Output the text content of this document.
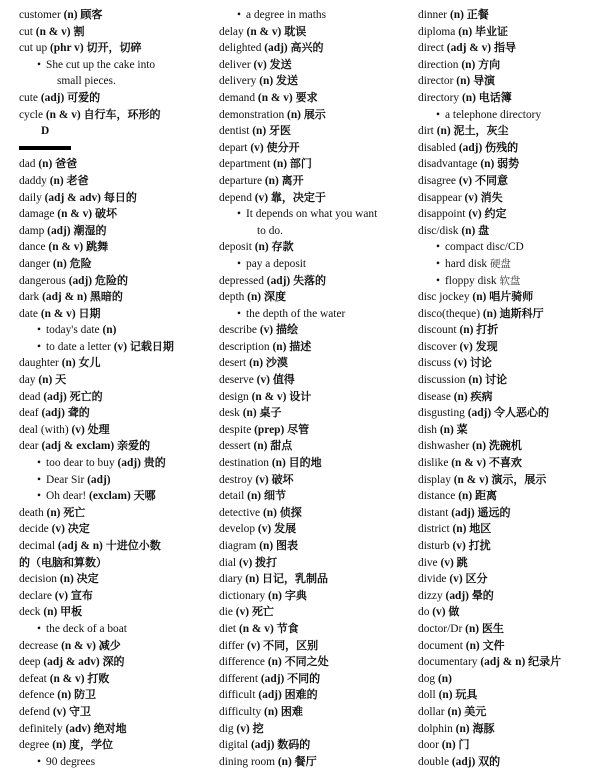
customer (n) 顾客
cut (n & v) 割
cut up (phr v) 切开，切碎
• She cut up the cake into
small pieces.
cute (adj) 可爱的
cycle (n & v) 自行车，环形的
D
dad (n) 爸爸
daddy (n) 老爸
daily (adj & adv) 每日的
damage (n & v) 破坏
damp (adj) 潮湿的
dance (n & v) 跳舞
danger (n) 危险
dangerous (adj) 危险的
dark (adj & n) 黑暗的
date (n & v) 日期
• today's date (n)
• to date a letter (v) 记载日期
daughter (n) 女儿
day (n) 天
dead (adj) 死亡的
deaf (adj) 聋的
deal (with) (v) 处理
dear (adj & exclam) 亲爱的
• too dear to buy (adj) 贵的
• Dear Sir (adj)
• Oh dear! (exclam) 天哪
death (n) 死亡
decide (v) 决定
decimal (adj & n) 十进位小数
的（电脑和算数）
decision (n) 决定
declare (v) 宣布
deck (n) 甲板
• the deck of a boat
decrease (n & v) 减少
deep (adj & adv) 深的
defeat (n & v) 打败
defence (n) 防卫
defend (v) 守卫
definitely (adv) 绝对地
degree (n) 度，学位
• 90 degrees
• a degree in maths
delay (n & v) 耽误
delighted (adj) 高兴的
deliver (v) 发送
delivery (n) 发送
demand (n & v) 要求
demonstration (n) 展示
dentist (n) 牙医
depart (v) 使分开
department (n) 部门
departure (n) 离开
depend (v) 靠，决定于
• It depends on what you want
to do.
deposit (n) 存款
• pay a deposit
depressed (adj) 失落的
depth (n) 深度
• the depth of the water
describe (v) 描绘
description (n) 描述
desert (n) 沙漠
deserve (v) 值得
design (n & v) 设计
desk (n) 桌子
despite (prep) 尽管
dessert (n) 甜点
destination (n) 目的地
destroy (v) 破坏
detail (n) 细节
detective (n) 侦探
develop (v) 发展
diagram (n) 图表
dial (v) 拨打
diary (n) 日记，乳制品
dictionary (n) 字典
die (v) 死亡
diet (n & v) 节食
differ (v) 不同，区别
difference (n) 不同之处
different (adj) 不同的
difficult (adj) 困难的
difficulty (n) 困难
dig (v) 挖
digital (adj) 数码的
dining room (n) 餐厅
dinner (n) 正餐
diploma (n) 毕业证
direct (adj & v) 指导
direction (n) 方向
director (n) 导演
directory (n) 电话簿
• a telephone directory
dirt (n) 泥土，灰尘
disabled (adj) 伤残的
disadvantage (n) 弱势
disagree (v) 不同意
disappear (v) 消失
disappoint (v) 约定
disc/disk (n) 盘
• compact disc/CD
• hard disk 硬盘
• floppy disk 软盘
disc jockey (n) 唱片骑师
disco(theque) (n) 迪斯科厅
discount (n) 打折
discover (v) 发现
discuss (v) 讨论
discussion (n) 讨论
disease (n) 疾病
disgusting (adj) 令人恶心的
dish (n) 菜
dishwasher (n) 洗碗机
dislike (n & v) 不喜欢
display (n & v) 演示，展示
distance (n) 距离
distant (adj) 遥远的
district (n) 地区
disturb (v) 打扰
dive (v) 跳
divide (v) 区分
dizzy (adj) 晕的
do (v) 做
doctor/Dr (n) 医生
document (n) 文件
documentary (adj & n) 纪录片
dog (n)
doll (n) 玩具
dollar (n) 美元
dolphin (n) 海豚
door (n) 门
double (adj) 双的
